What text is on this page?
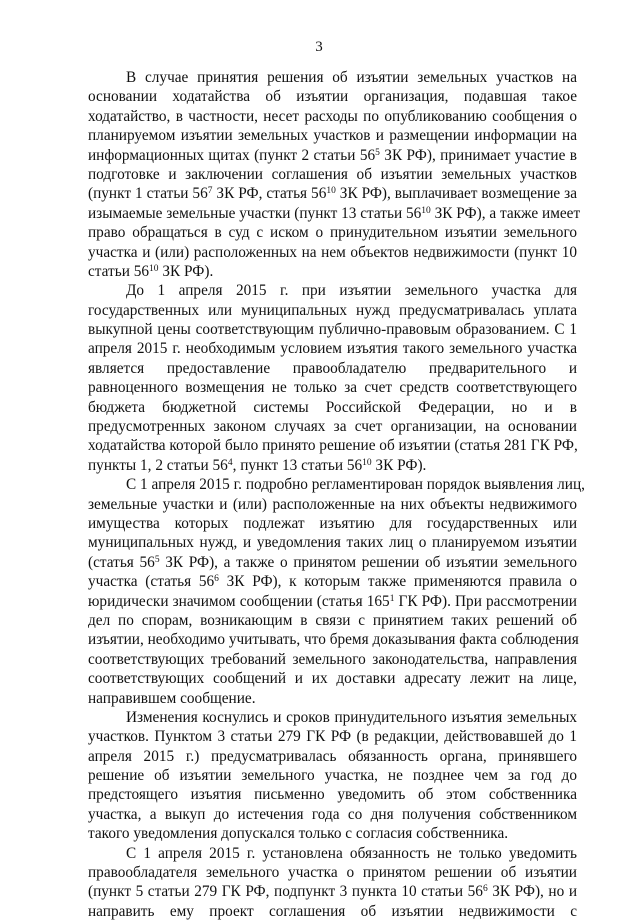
3
В случае принятия решения об изъятии земельных участков на
основании ходатайства об изъятии организация, подавшая такое
ходатайство, в частности, несет расходы по опубликованию сообщения о
планируемом изъятии земельных участков и размещении информации на
информационных щитах (пункт 2 статьи $56^5$ ЗК РФ), принимает участие в
подготовке и заключении соглашения об изъятии земельных участков
(пункт 1 статьи $56^7$ ЗК РФ, статья $56^{10}$ ЗК РФ), выплачивает возмещение за
изымаемые земельные участки (пункт 13 статьи $56^{10}$ ЗК РФ), а также имеет
право обращаться в суд с иском о принудительном изъятии земельного
участка и (или) расположенных на нем объектов недвижимости (пункт 10
статьи $56^{10}$ ЗК РФ).
До 1 апреля 2015 г. при изъятии земельного участка для
государственных или муниципальных нужд предусматривалась уплата
выкупной цены соответствующим публично-правовым образованием. С 1
апреля 2015 г. необходимым условием изъятия такого земельного участка
является предоставление правообладателю предварительного и
равноценного возмещения не только за счет средств соответствующего
бюджета бюджетной системы Российской Федерации, но и в
предусмотренных законом случаях за счет организации, на основании
ходатайства которой было принято решение об изъятии (статья 281 ГК РФ,
пункты 1, 2 статьи $56^4$, пункт 13 статьи $56^{10}$ ЗК РФ).
С 1 апреля 2015 г. подробно регламентирован порядок выявления лиц,
земельные участки и (или) расположенные на них объекты недвижимого
имущества которых подлежат изъятию для государственных или
муниципальных нужд, и уведомления таких лиц о планируемом изъятии
(статья $56^5$ ЗК РФ), а также о принятом решении об изъятии земельного
участка (статья $56^6$ ЗК РФ), к которым также применяются правила о
юридически значимом сообщении (статья $165^1$ ГК РФ). При рассмотрении
дел по спорам, возникающим в связи с принятием таких решений об
изъятии, необходимо учитывать, что бремя доказывания факта соблюдения
соответствующих требований земельного законодательства, направления
соответствующих сообщений и их доставки адресату лежит на лице,
направившем сообщение.
Изменения коснулись и сроков принудительного изъятия земельных
участков. Пунктом 3 статьи 279 ГК РФ (в редакции, действовавшей до 1
апреля 2015 г.) предусматривалась обязанность органа, принявшего
решение об изъятии земельного участка, не позднее чем за год до
предстоящего изъятия письменно уведомить об этом собственника
участка, а выкуп до истечения года со дня получения собственником
такого уведомления допускался только с согласия собственника.
С 1 апреля 2015 г. установлена обязанность не только уведомить
правообладателя земельного участка о принятом решении об изъятии
(пункт 5 статьи 279 ГК РФ, подпункт 3 пункта 10 статьи $56^6$ ЗК РФ), но и
направить ему проект соглашения об изъятии недвижимости с
